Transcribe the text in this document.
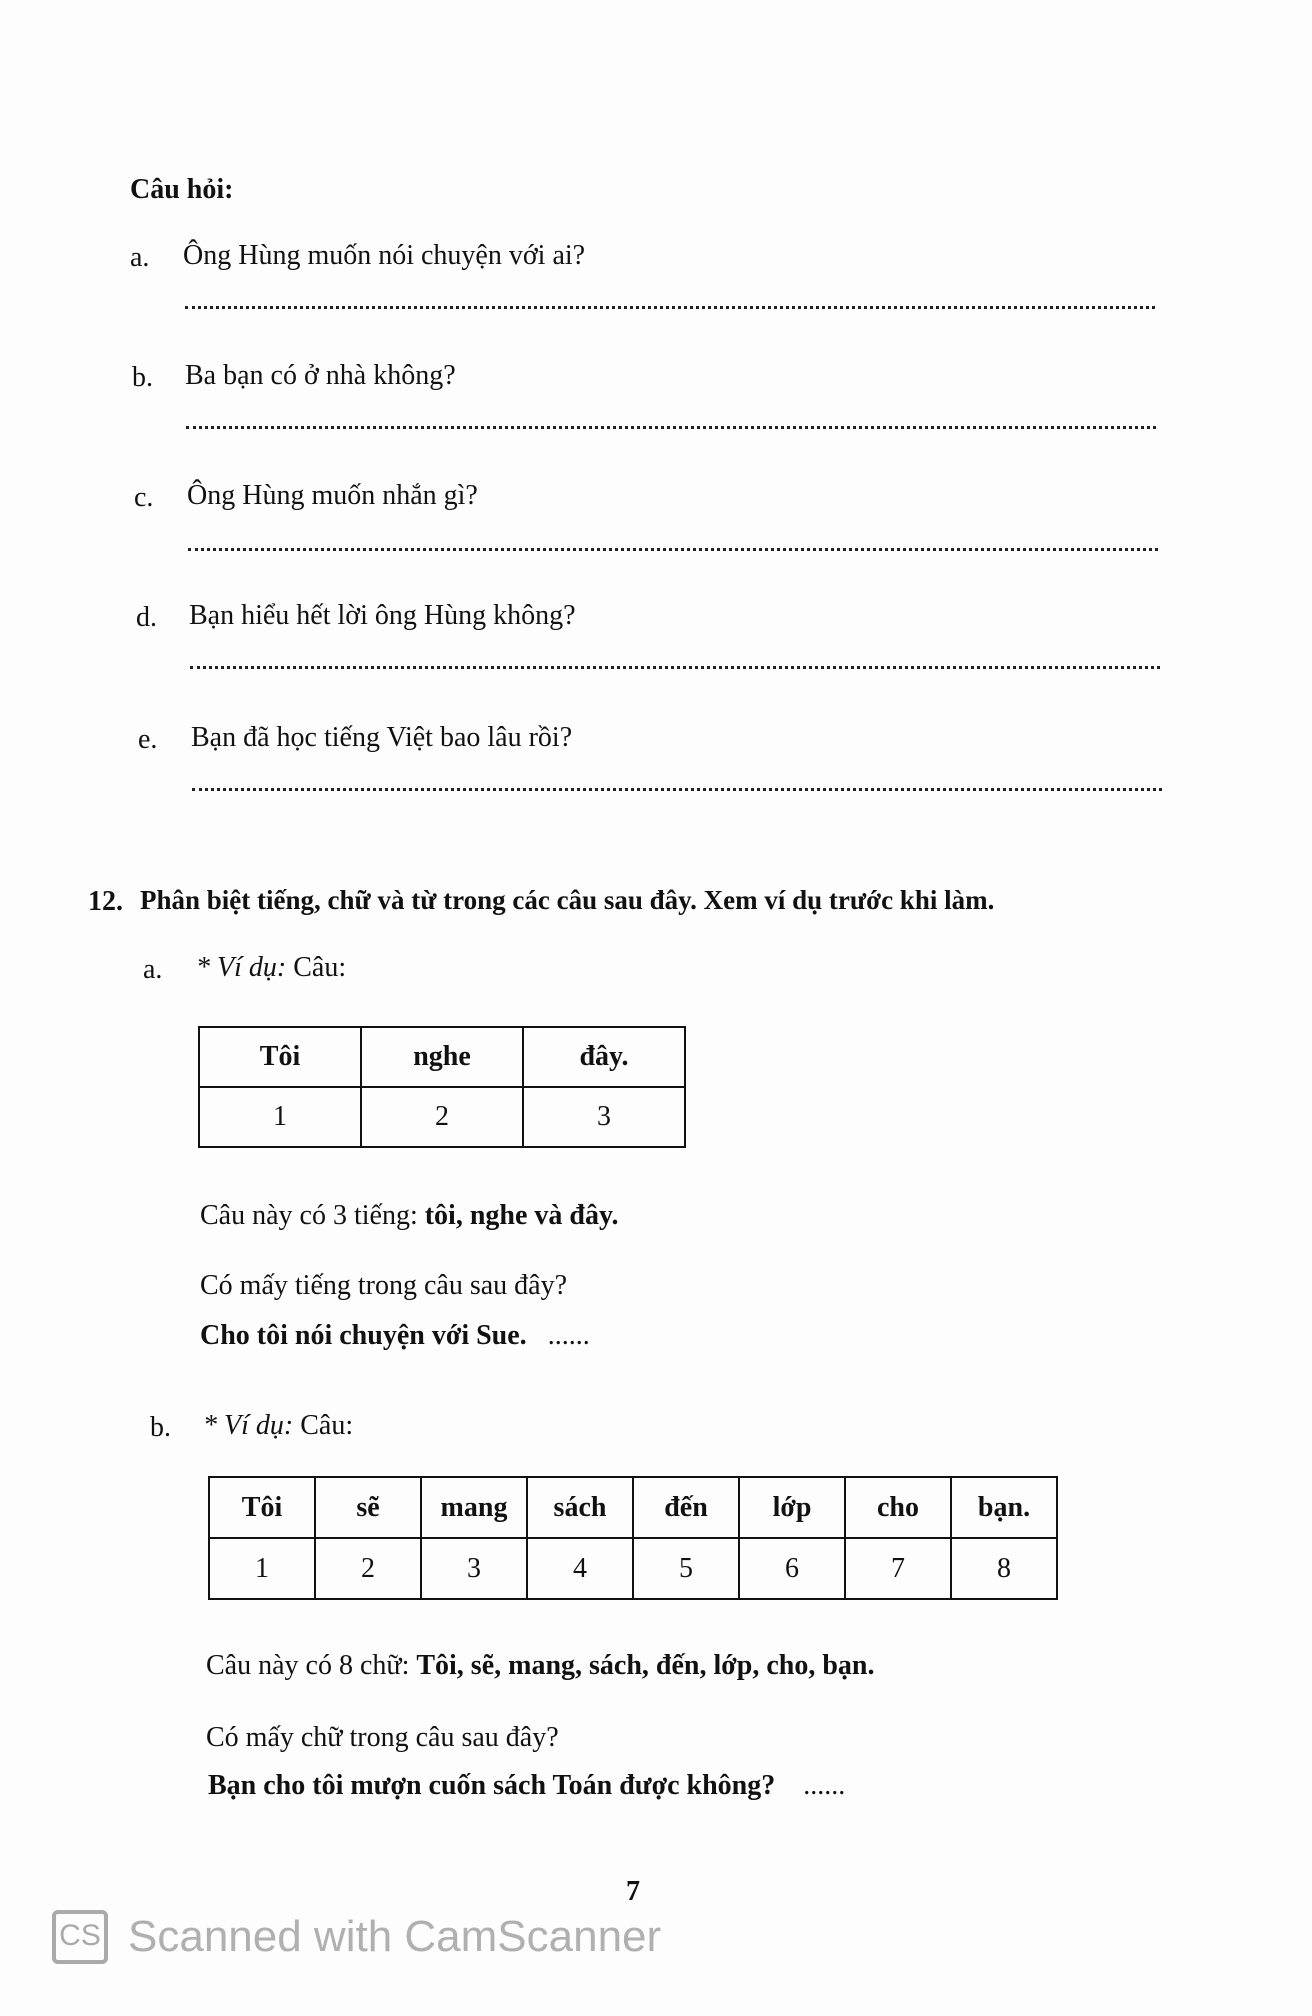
Câu hỏi:
a. Ông Hùng muốn nói chuyện với ai?
b. Ba bạn có ở nhà không?
c. Ông Hùng muốn nhắn gì?
d. Bạn hiểu hết lời ông Hùng không?
e. Bạn đã học tiếng Việt bao lâu rồi?
12. Phân biệt tiếng, chữ và từ trong các câu sau đây. Xem ví dụ trước khi làm.
a. * Ví dụ: Câu:
Tôi	nghe	đây.
1	2	3
Câu này có 3 tiếng: tôi, nghe và đây.
Có mấy tiếng trong câu sau đây?
Cho tôi nói chuyện với Sue. ......
b. * Ví dụ: Câu:
Tôi	sẽ	mang	sách	đến	lớp	cho	bạn.
1	2	3	4	5	6	7	8
Câu này có 8 chữ: Tôi, sẽ, mang, sách, đến, lớp, cho, bạn.
Có mấy chữ trong câu sau đây?
Bạn cho tôi mượn cuốn sách Toán được không? ......
7
CS Scanned with CamScanner
